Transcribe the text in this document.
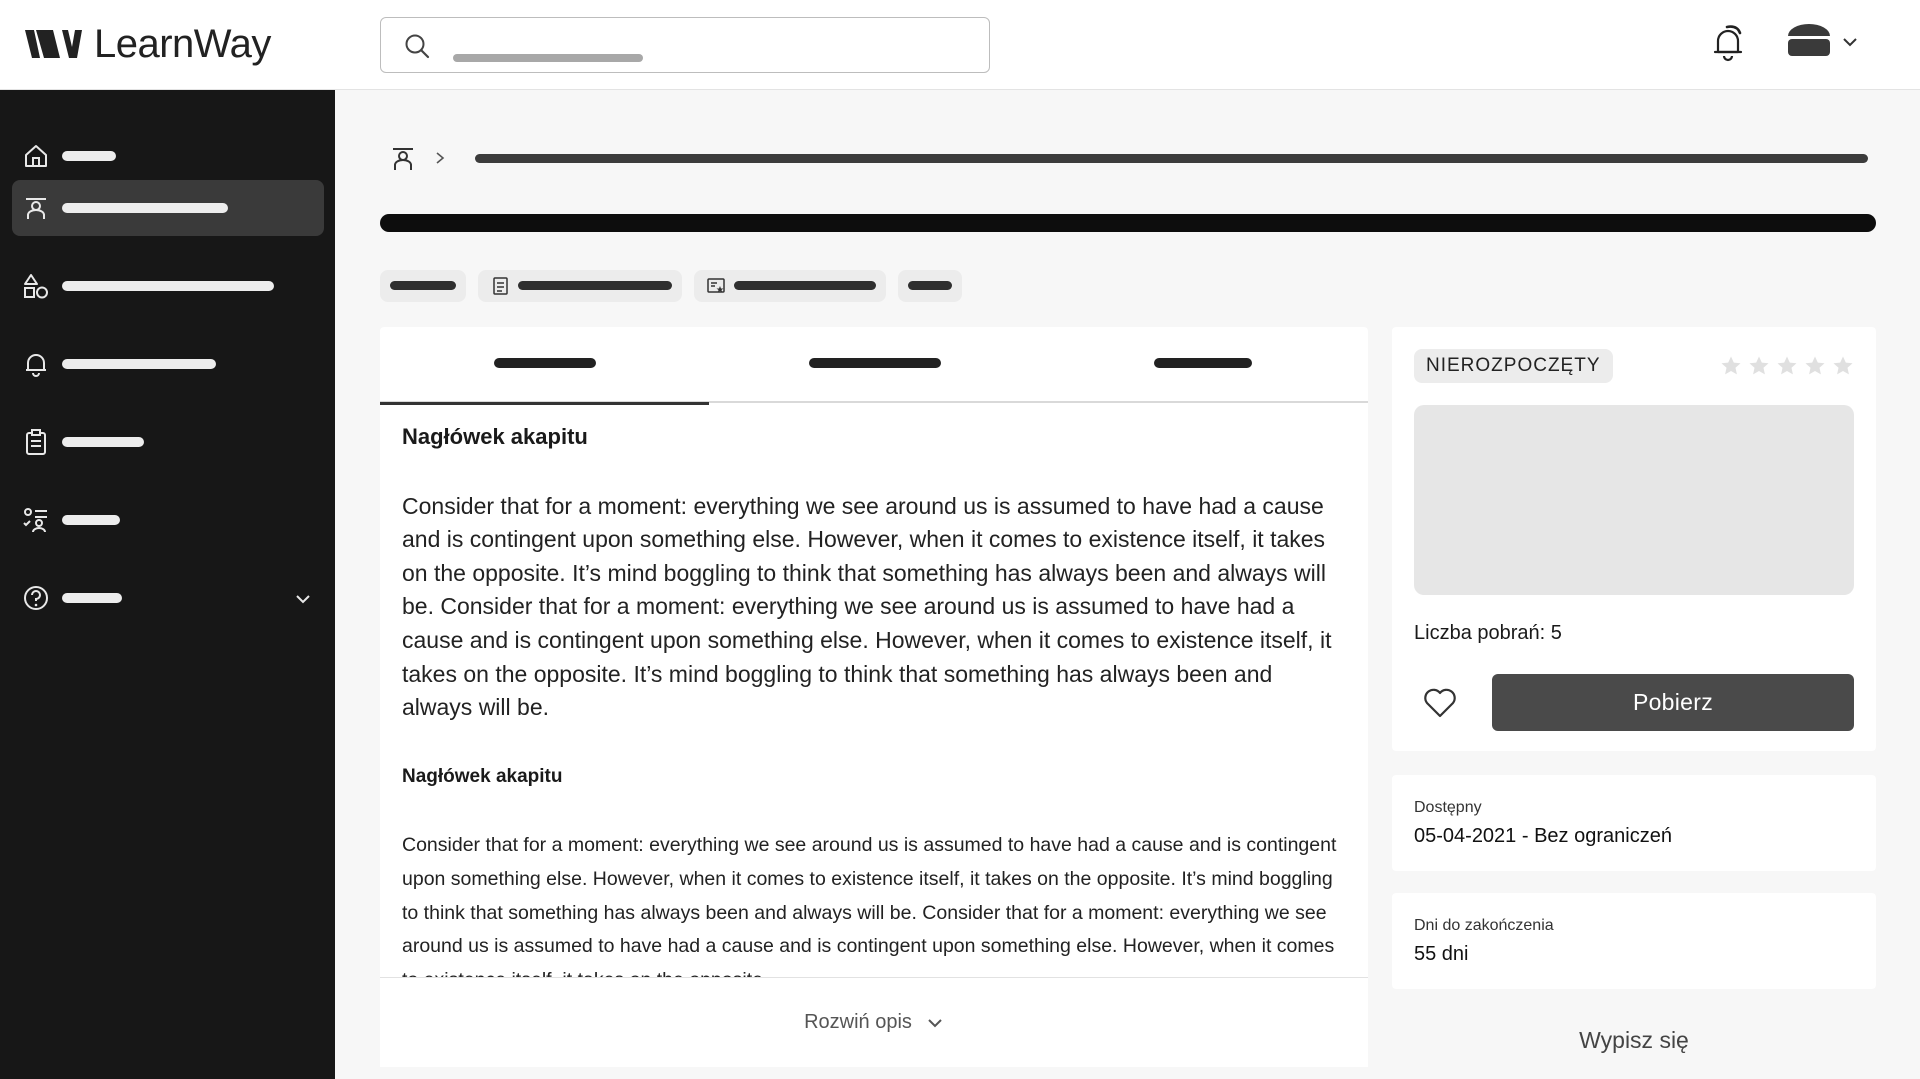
LearnWay
Nagłówek akapitu

Consider that for a moment: everything we see around us is assumed to have had a cause and is contingent upon something else. However, when it comes to existence itself, it takes on the opposite. It’s mind boggling to think that something has always been and always will be. Consider that for a moment: everything we see around us is assumed to have had a cause and is contingent upon something else. However, when it comes to existence itself, it takes on the opposite. It’s mind boggling to think that something has always been and always will be.

Nagłówek akapitu

Consider that for a moment: everything we see around us is assumed to have had a cause and is contingent upon something else. However, when it comes to existence itself, it takes on the opposite. It’s mind boggling to think that something has always been and always will be. Consider that for a moment: everything we see around us is assumed to have had a cause and is contingent upon something else. However, when it comes

Rozwiń opis
NIEROZPOCZĘTY
Liczba pobrań: 5
Pobierz
Dostępny
05-04-2021 - Bez ograniczeń
Dni do zakończenia
55 dni
Wypisz się
